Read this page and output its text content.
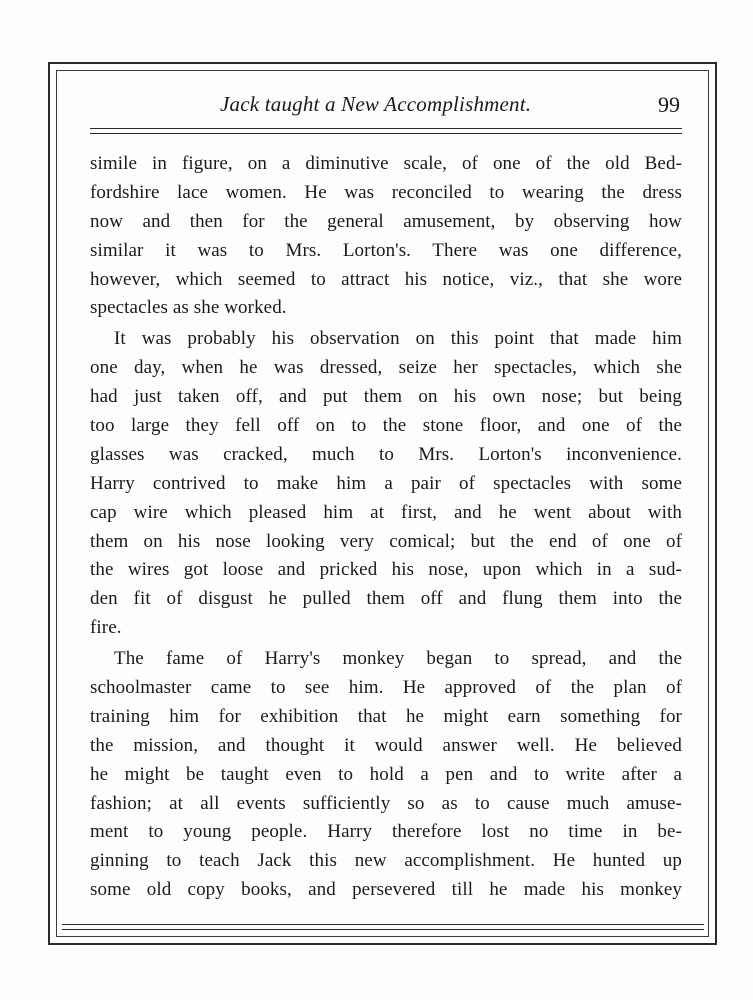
Jack taught a New Accomplishment.	99
simile in figure, on a diminutive scale, of one of the old Bed-
fordshire lace women. He was reconciled to wearing the dress
now and then for the general amusement, by observing how
similar it was to Mrs. Lorton's. There was one difference,
however, which seemed to attract his notice, viz., that she wore
spectacles as she worked.
It was probably his observation on this point that made him
one day, when he was dressed, seize her spectacles, which she
had just taken off, and put them on his own nose; but being
too large they fell off on to the stone floor, and one of the
glasses was cracked, much to Mrs. Lorton's inconvenience.
Harry contrived to make him a pair of spectacles with some
cap wire which pleased him at first, and he went about with
them on his nose looking very comical; but the end of one of
the wires got loose and pricked his nose, upon which in a sud-
den fit of disgust he pulled them off and flung them into the
fire.
The fame of Harry's monkey began to spread, and the
schoolmaster came to see him. He approved of the plan of
training him for exhibition that he might earn something for
the mission, and thought it would answer well. He believed
he might be taught even to hold a pen and to write after a
fashion; at all events sufficiently so as to cause much amuse-
ment to young people. Harry therefore lost no time in be-
ginning to teach Jack this new accomplishment. He hunted up
some old copy books, and persevered till he made his monkey
